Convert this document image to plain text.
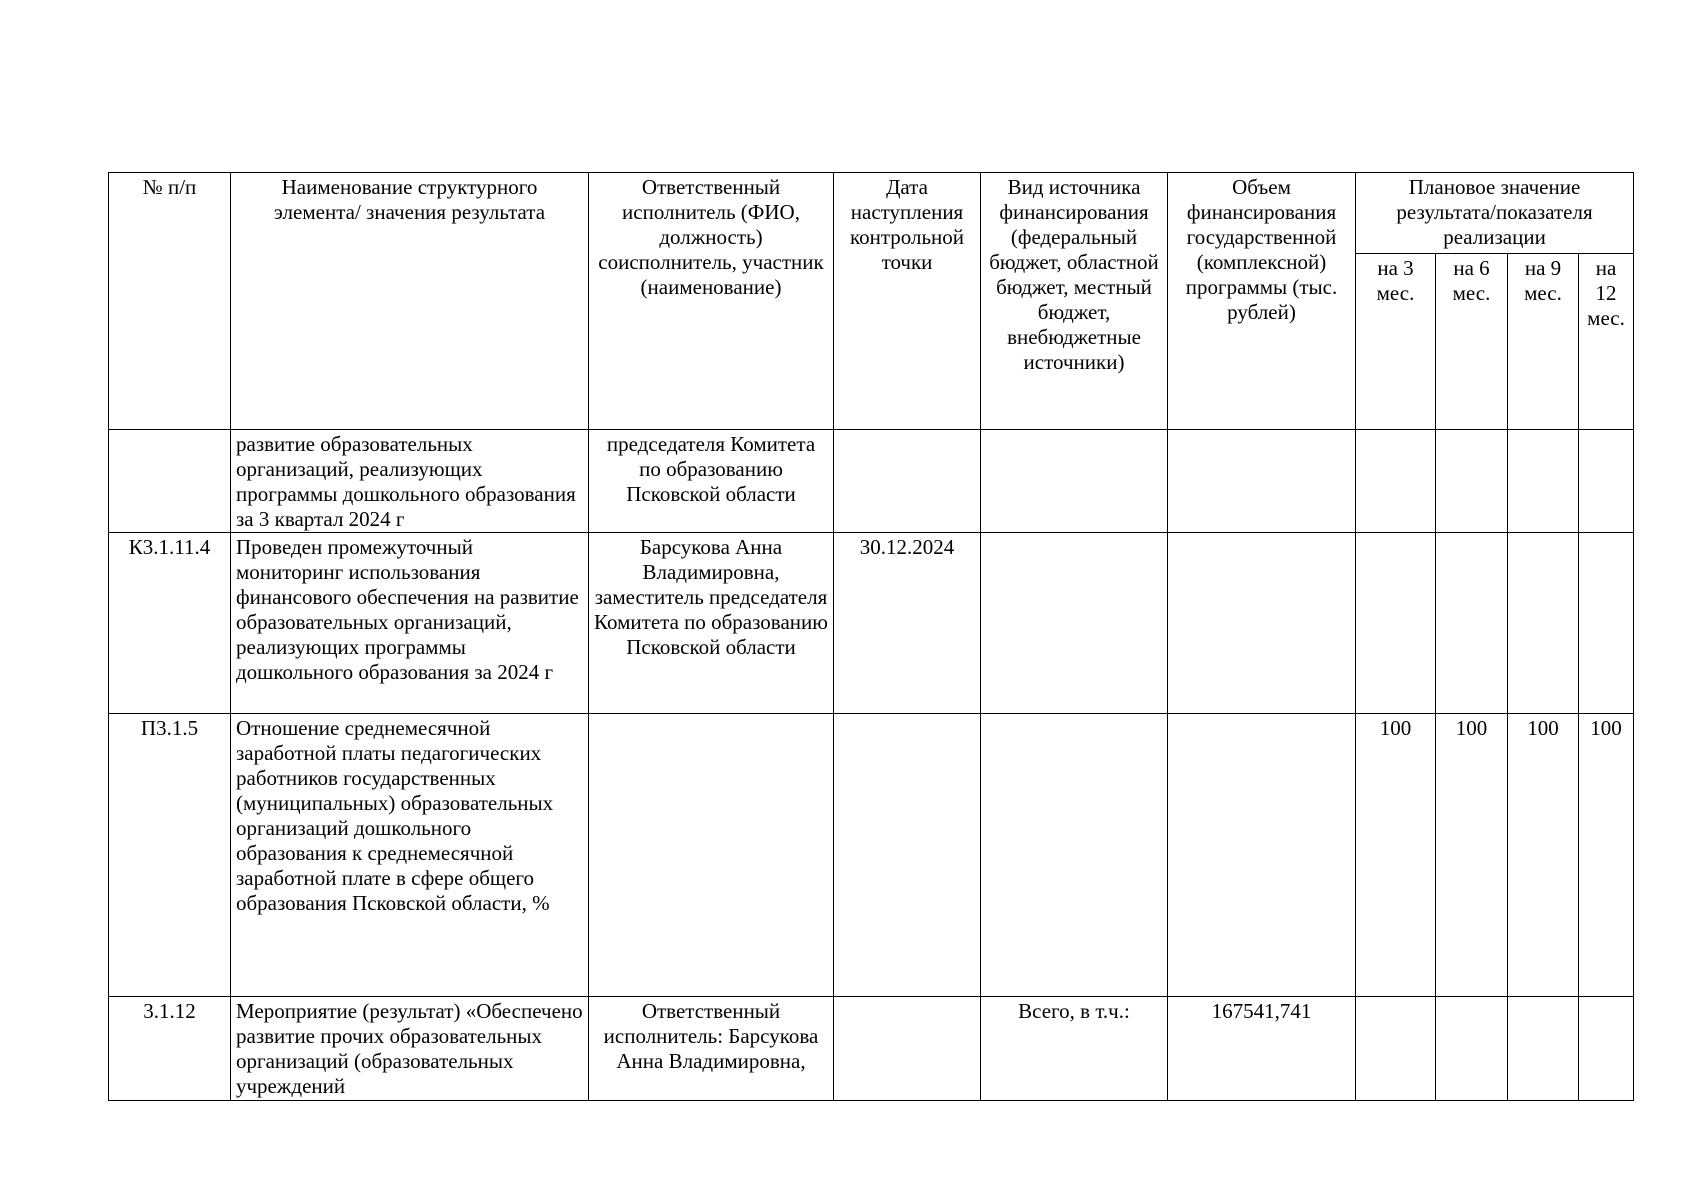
№ п/п	Наименование структурного элемента/ значения результата	Ответственный исполнитель (ФИО, должность) соисполнитель, участник (наименование)	Дата наступления контрольной точки	Вид источника финансирования (федеральный бюджет, областной бюджет, местный бюджет, внебюджетные источники)	Объем финансирования государственной (комплексной) программы (тыс. рублей)	Плановое значение результата/показателя реализации			
						на 3 мес.	на 6 мес.	на 9 мес.	на 12 мес.
	развитие образовательных организаций, реализующих программы дошкольного образования за 3 квартал 2024 г	председателя Комитета по образованию Псковской области							
К3.1.11.4	Проведен промежуточный мониторинг использования финансового обеспечения на развитие образовательных организаций, реализующих программы дошкольного образования за 2024 г	Барсукова Анна Владимировна, заместитель председателя Комитета по образованию Псковской области	30.12.2024						
П3.1.5	Отношение среднемесячной заработной платы педагогических работников государственных (муниципальных) образовательных организаций дошкольного образования к среднемесячной заработной плате в сфере общего образования Псковской области, %					100	100	100	100
3.1.12	Мероприятие (результат) «Обеспечено развитие прочих образовательных организаций (образовательных учреждений	Ответственный исполнитель: Барсукова Анна Владимировна,		Всего, в т.ч.:	167541,741				
